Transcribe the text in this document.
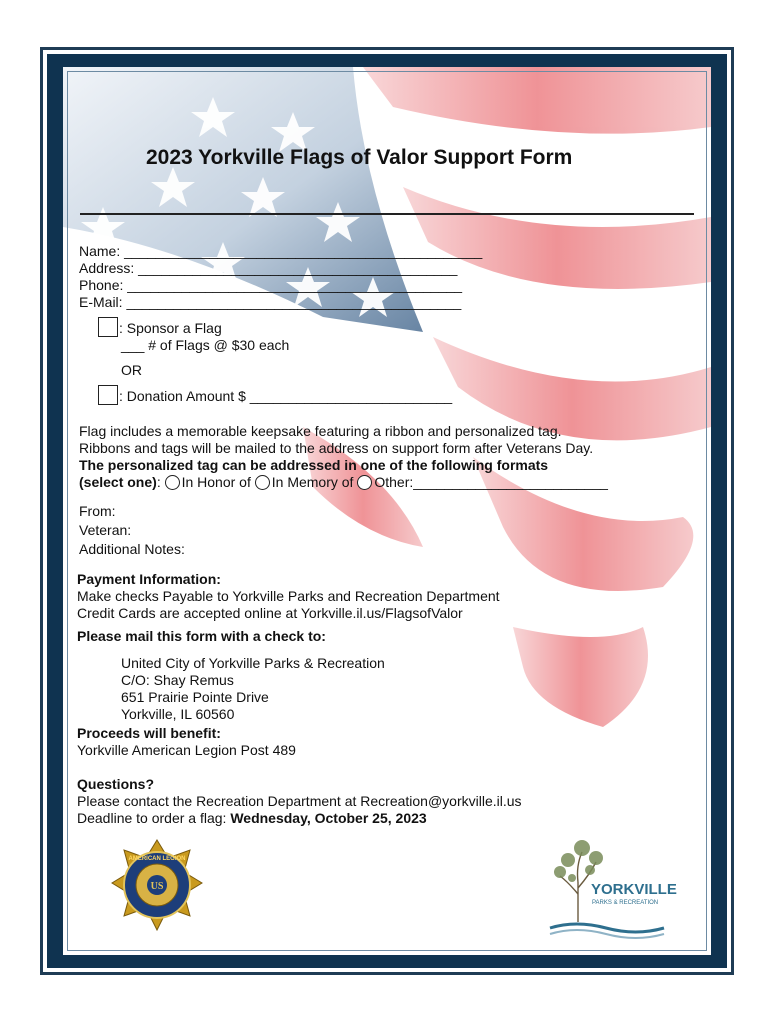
2023 Yorkville Flags of Valor Support Form
Name: ______________________________________________
Address: _________________________________________
Phone: ___________________________________________
E-Mail: ___________________________________________
: Sponsor a Flag
___ # of Flags @ $30 each
OR
: Donation Amount $ __________________________
Flag includes a memorable keepsake featuring a ribbon and personalized tag.
Ribbons and tags will be mailed to the address on support form after Veterans Day.
The personalized tag can be addressed in one of the following formats
(select one): In Honor of In Memory of Other:_________________________
From:
Veteran:
Additional Notes:
Payment Information:
Make checks Payable to Yorkville Parks and Recreation Department
Credit Cards are accepted online at Yorkville.il.us/FlagsofValor
Please mail this form with a check to:
United City of Yorkville Parks & Recreation
C/O: Shay Remus
651 Prairie Pointe Drive
Yorkville, IL 60560
Proceeds will benefit:
Yorkville American Legion Post 489
Questions?
Please contact the Recreation Department at Recreation@yorkville.il.us
Deadline to order a flag: Wednesday, October 25, 2023
US
AMERICAN LEGION
YORKVILLE
PARKS & RECREATION
